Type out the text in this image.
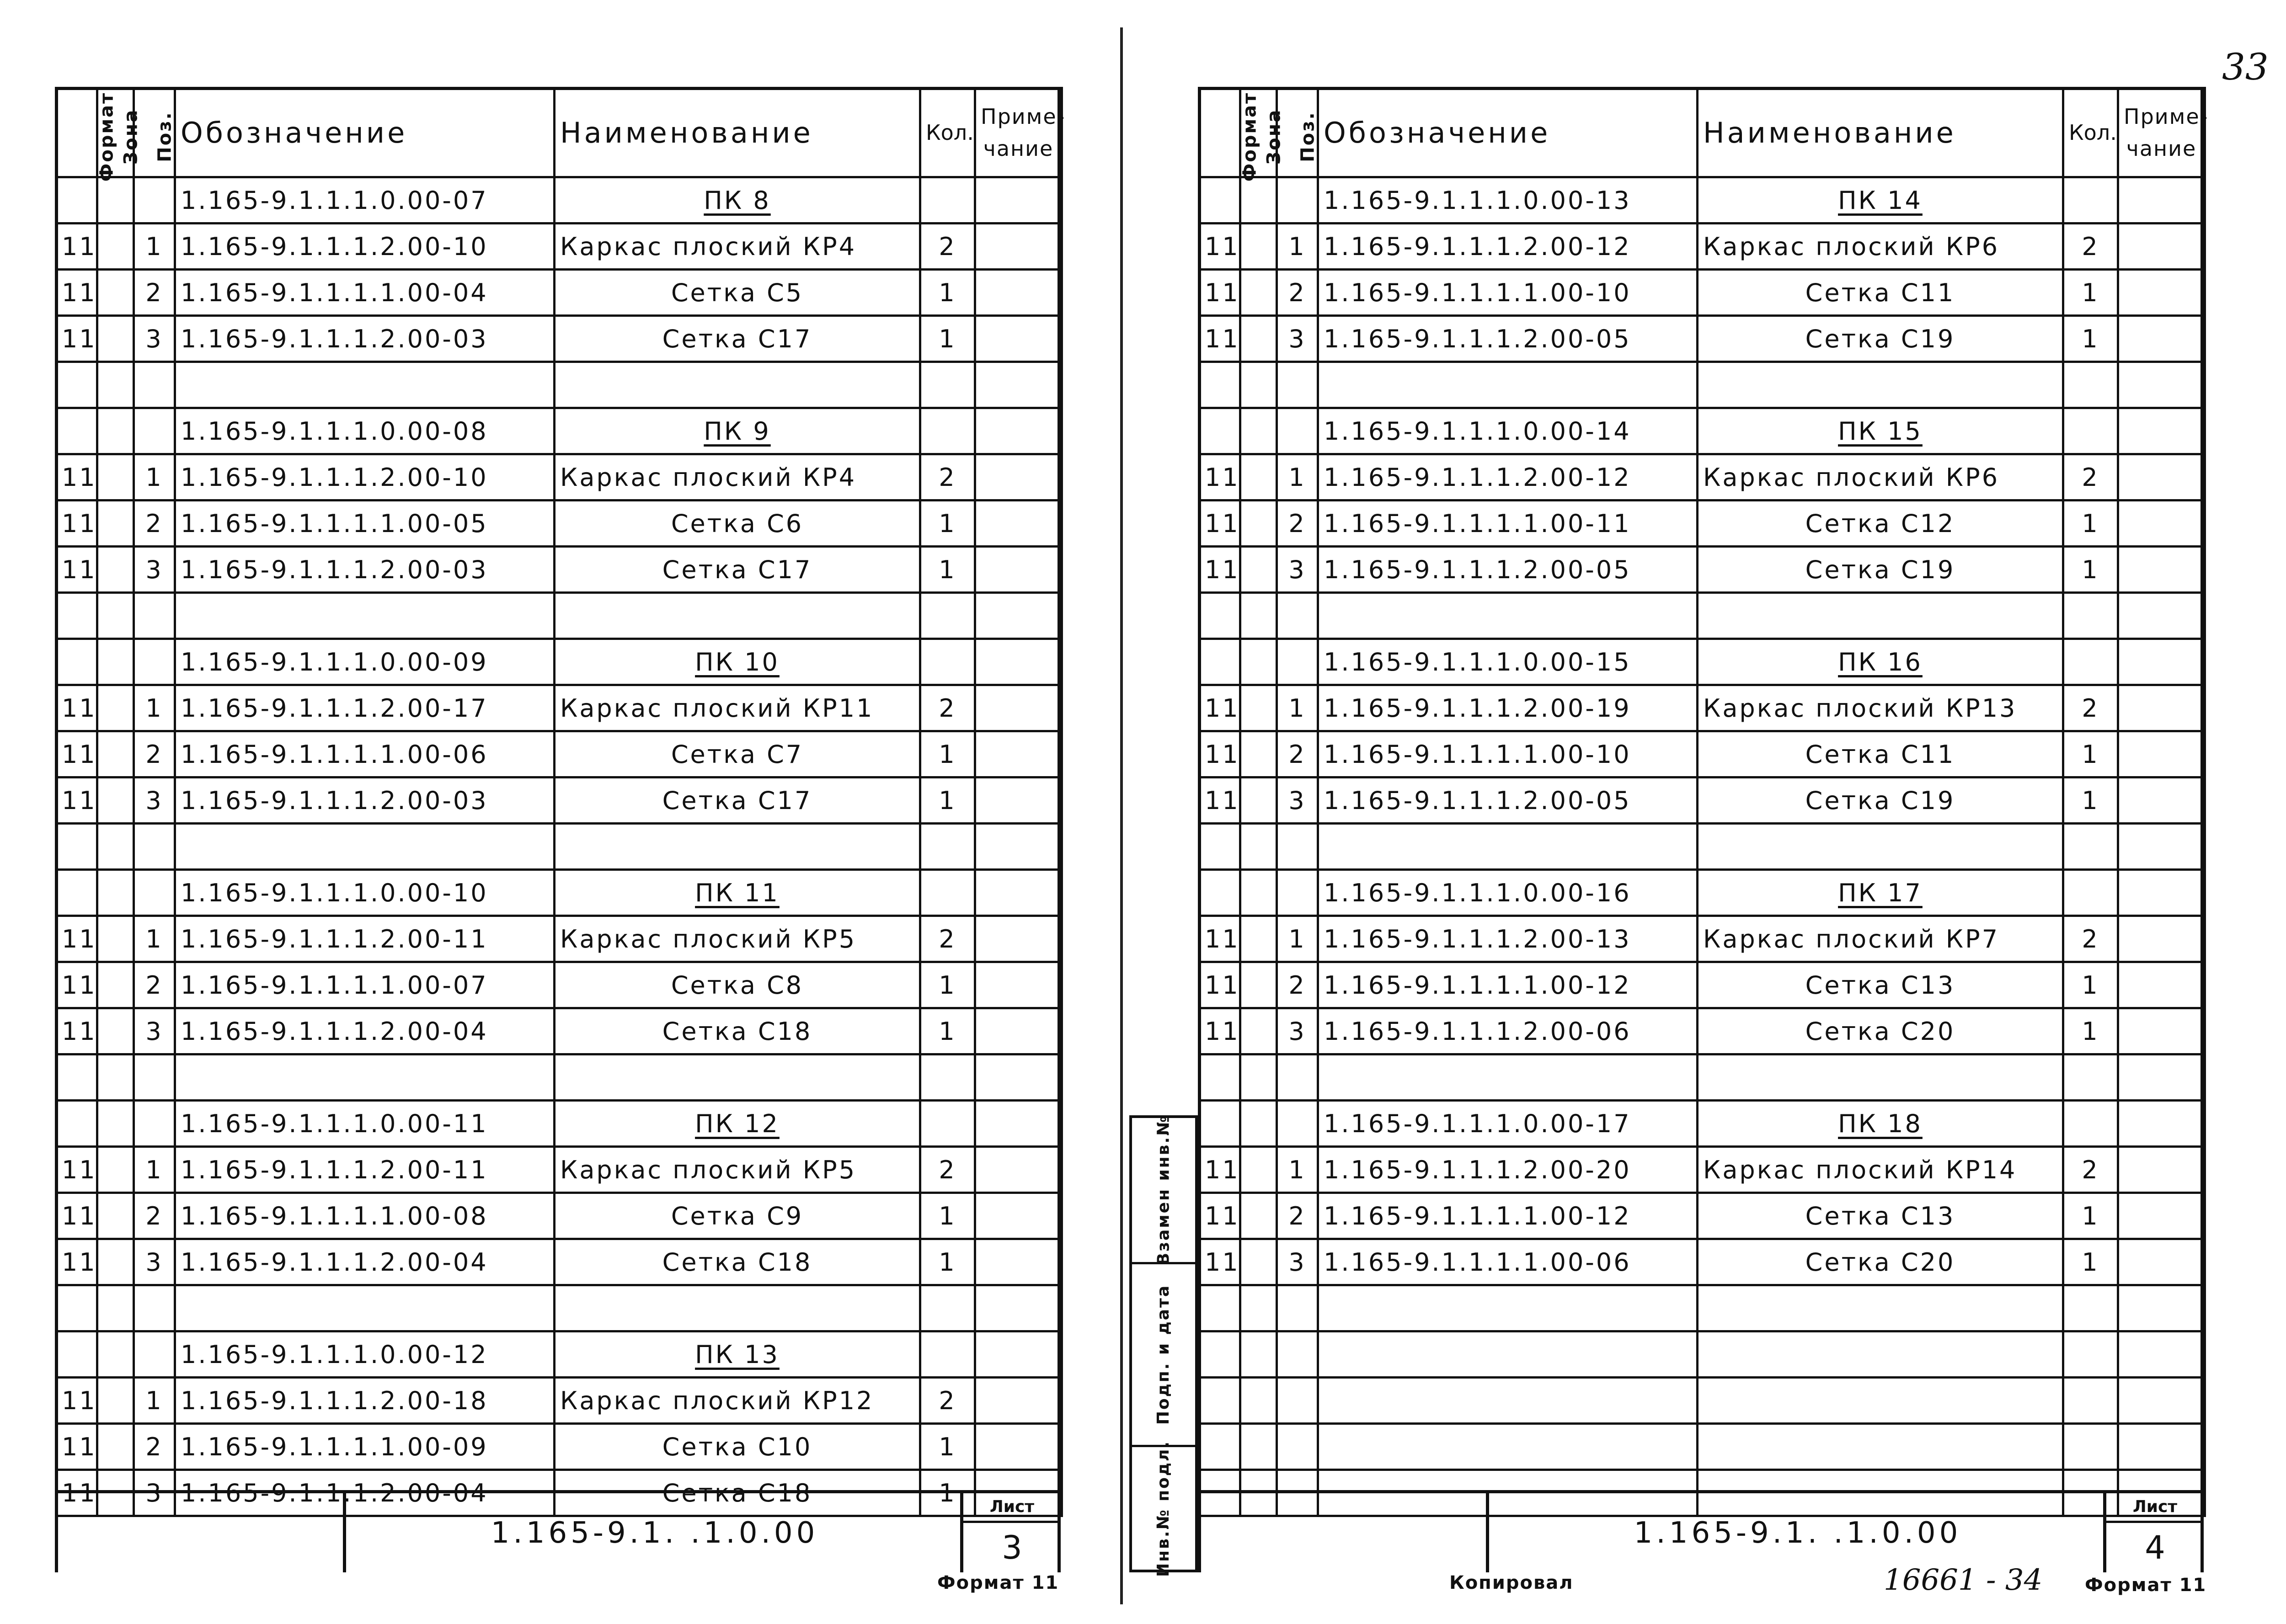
33
Формат	Зона	Поз.	Обозначение	Наименование	Кол.	Приме-
чание
			1.165-9.1.1.1.0.00-07	ПК 8		
11		1	1.165-9.1.1.1.2.00-10	Каркас плоский КР4	2	
11		2	1.165-9.1.1.1.1.00-04	Сетка С5	1	
11		3	1.165-9.1.1.1.2.00-03	Сетка С17	1	

			1.165-9.1.1.1.0.00-08	ПК 9		
11		1	1.165-9.1.1.1.2.00-10	Каркас плоский КР4	2	
11		2	1.165-9.1.1.1.1.00-05	Сетка С6	1	
11		3	1.165-9.1.1.1.2.00-03	Сетка С17	1	

			1.165-9.1.1.1.0.00-09	ПК 10		
11		1	1.165-9.1.1.1.2.00-17	Каркас плоский КР11	2	
11		2	1.165-9.1.1.1.1.00-06	Сетка С7	1	
11		3	1.165-9.1.1.1.2.00-03	Сетка С17	1	

			1.165-9.1.1.1.0.00-10	ПК 11		
11		1	1.165-9.1.1.1.2.00-11	Каркас плоский КР5	2	
11		2	1.165-9.1.1.1.1.00-07	Сетка С8	1	
11		3	1.165-9.1.1.1.2.00-04	Сетка С18	1	

			1.165-9.1.1.1.0.00-11	ПК 12		
11		1	1.165-9.1.1.1.2.00-11	Каркас плоский КР5	2	
11		2	1.165-9.1.1.1.1.00-08	Сетка С9	1	
11		3	1.165-9.1.1.1.2.00-04	Сетка С18	1	

			1.165-9.1.1.1.0.00-12	ПК 13		
11		1	1.165-9.1.1.1.2.00-18	Каркас плоский КР12	2	
11		2	1.165-9.1.1.1.1.00-09	Сетка С10	1	
11		3	1.165-9.1.1.1.2.00-04	Сетка С18	1	
1.165-9.1. .1.0.00
Лист
3
Формат 11
Взамен инв.№
Подп. и дата
Инв.№ подл.
Формат	Зона	Поз.	Обозначение	Наименование	Кол.	Приме-
чание
			1.165-9.1.1.1.0.00-13	ПК 14		
11		1	1.165-9.1.1.1.2.00-12	Каркас плоский КР6	2	
11		2	1.165-9.1.1.1.1.00-10	Сетка С11	1	
11		3	1.165-9.1.1.1.2.00-05	Сетка С19	1	

			1.165-9.1.1.1.0.00-14	ПК 15		
11		1	1.165-9.1.1.1.2.00-12	Каркас плоский КР6	2	
11		2	1.165-9.1.1.1.1.00-11	Сетка С12	1	
11		3	1.165-9.1.1.1.2.00-05	Сетка С19	1	

			1.165-9.1.1.1.0.00-15	ПК 16		
11		1	1.165-9.1.1.1.2.00-19	Каркас плоский КР13	2	
11		2	1.165-9.1.1.1.1.00-10	Сетка С11	1	
11		3	1.165-9.1.1.1.2.00-05	Сетка С19	1	

			1.165-9.1.1.1.0.00-16	ПК 17		
11		1	1.165-9.1.1.1.2.00-13	Каркас плоский КР7	2	
11		2	1.165-9.1.1.1.1.00-12	Сетка С13	1	
11		3	1.165-9.1.1.1.2.00-06	Сетка С20	1	

			1.165-9.1.1.1.0.00-17	ПК 18		
11		1	1.165-9.1.1.1.2.00-20	Каркас плоский КР14	2	
11		2	1.165-9.1.1.1.1.00-12	Сетка С13	1	
11		3	1.165-9.1.1.1.1.00-06	Сетка С20	1	

1.165-9.1. .1.0.00
Лист
4
Копировал	16661 - 34 Формат 11
